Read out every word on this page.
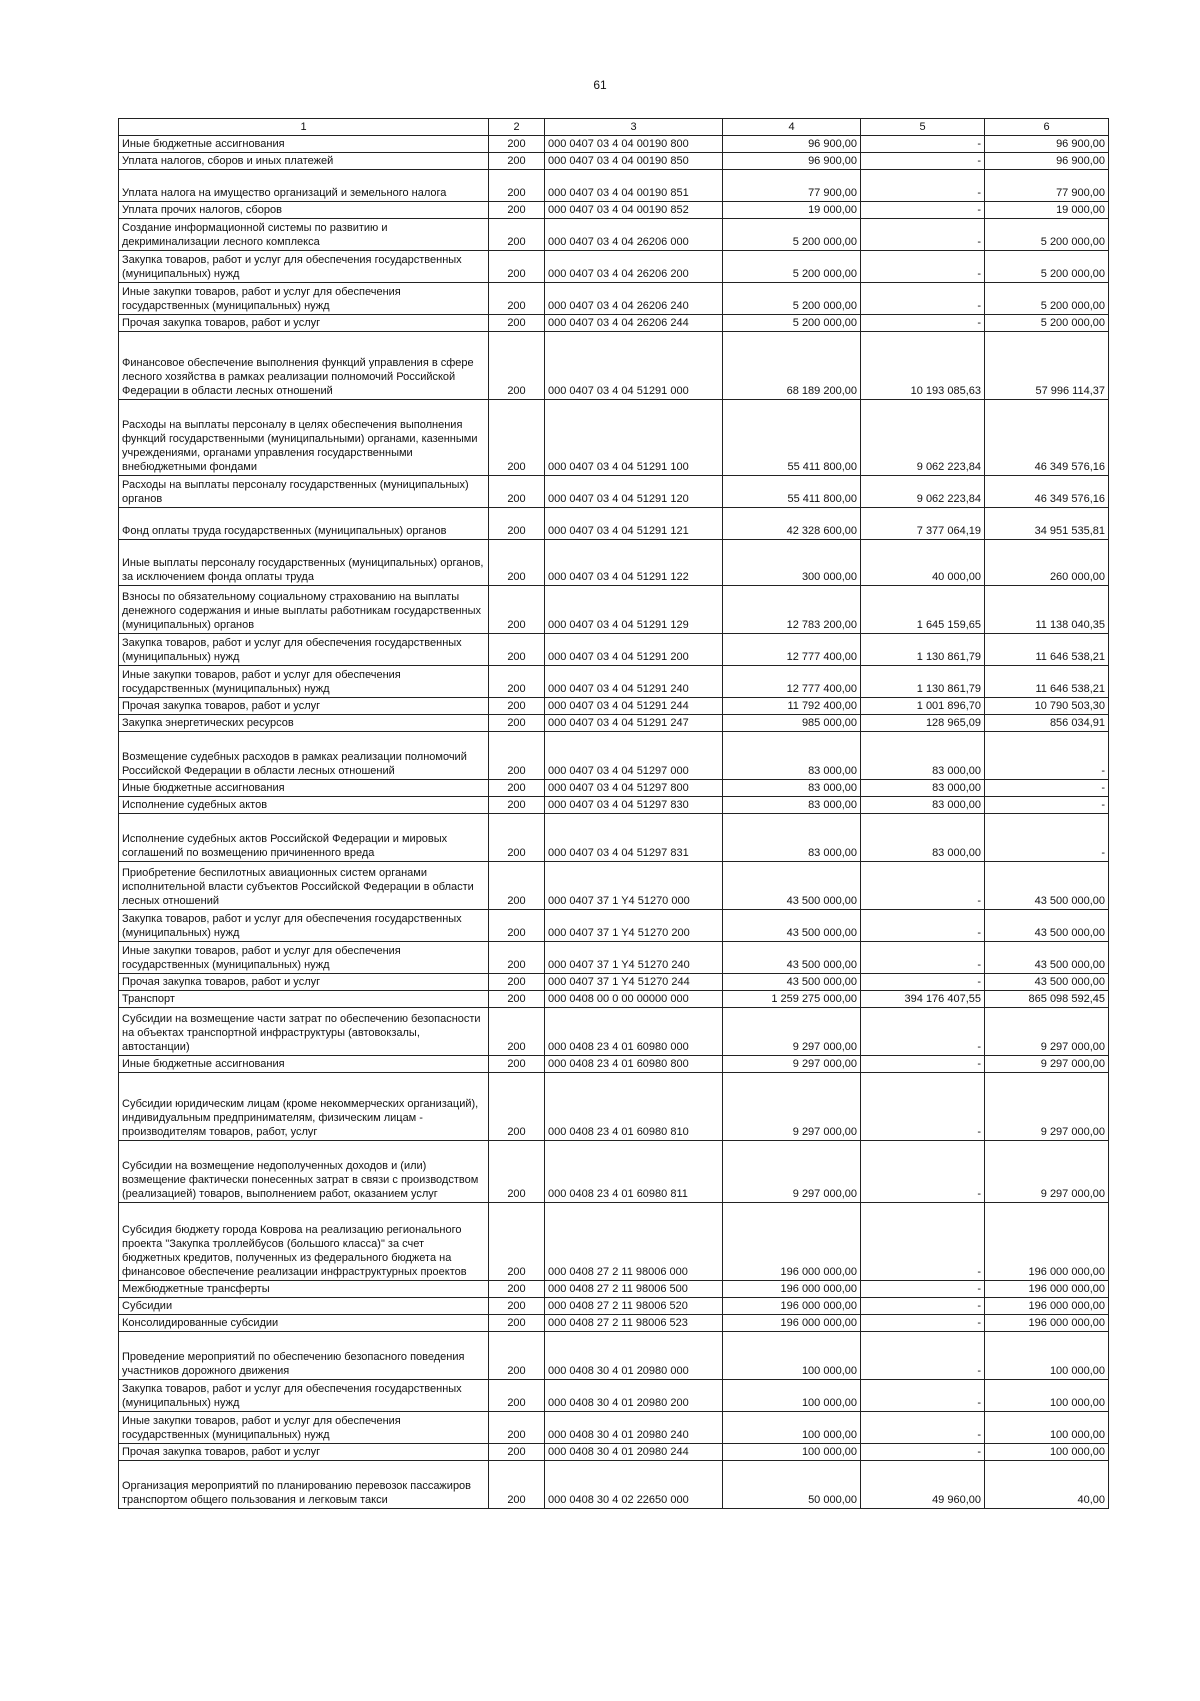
61
1	2	3	4	5	6
Иные бюджетные ассигнования	200	000 0407 03 4 04 00190 800	96 900,00	-	96 900,00
Уплата налогов, сборов и иных платежей	200	000 0407 03 4 04 00190 850	96 900,00	-	96 900,00
Уплата налога на имущество организаций и земельного налога	200	000 0407 03 4 04 00190 851	77 900,00	-	77 900,00
Уплата прочих налогов, сборов	200	000 0407 03 4 04 00190 852	19 000,00	-	19 000,00
Создание информационной системы по развитию и декриминализации лесного комплекса	200	000 0407 03 4 04 26206 000	5 200 000,00	-	5 200 000,00
Закупка товаров, работ и услуг для обеспечения государственных (муниципальных) нужд	200	000 0407 03 4 04 26206 200	5 200 000,00	-	5 200 000,00
Иные закупки товаров, работ и услуг для обеспечения государственных (муниципальных) нужд	200	000 0407 03 4 04 26206 240	5 200 000,00	-	5 200 000,00
Прочая закупка товаров, работ и услуг	200	000 0407 03 4 04 26206 244	5 200 000,00	-	5 200 000,00
Финансовое обеспечение выполнения функций управления в сфере лесного хозяйства в рамках реализации полномочий Российской Федерации в области лесных отношений	200	000 0407 03 4 04 51291 000	68 189 200,00	10 193 085,63	57 996 114,37
Расходы на выплаты персоналу в целях обеспечения выполнения функций государственными (муниципальными) органами, казенными учреждениями, органами управления государственными внебюджетными фондами	200	000 0407 03 4 04 51291 100	55 411 800,00	9 062 223,84	46 349 576,16
Расходы на выплаты персоналу государственных (муниципальных) органов	200	000 0407 03 4 04 51291 120	55 411 800,00	9 062 223,84	46 349 576,16
Фонд оплаты труда государственных (муниципальных) органов	200	000 0407 03 4 04 51291 121	42 328 600,00	7 377 064,19	34 951 535,81
Иные выплаты персоналу государственных (муниципальных) органов, за исключением фонда оплаты труда	200	000 0407 03 4 04 51291 122	300 000,00	40 000,00	260 000,00
Взносы по обязательному социальному страхованию на выплаты денежного содержания и иные выплаты работникам государственных (муниципальных) органов	200	000 0407 03 4 04 51291 129	12 783 200,00	1 645 159,65	11 138 040,35
Закупка товаров, работ и услуг для обеспечения государственных (муниципальных) нужд	200	000 0407 03 4 04 51291 200	12 777 400,00	1 130 861,79	11 646 538,21
Иные закупки товаров, работ и услуг для обеспечения государственных (муниципальных) нужд	200	000 0407 03 4 04 51291 240	12 777 400,00	1 130 861,79	11 646 538,21
Прочая закупка товаров, работ и услуг	200	000 0407 03 4 04 51291 244	11 792 400,00	1 001 896,70	10 790 503,30
Закупка энергетических ресурсов	200	000 0407 03 4 04 51291 247	985 000,00	128 965,09	856 034,91
Возмещение судебных расходов в рамках реализации полномочий Российской Федерации в области лесных отношений	200	000 0407 03 4 04 51297 000	83 000,00	83 000,00	-
Иные бюджетные ассигнования	200	000 0407 03 4 04 51297 800	83 000,00	83 000,00	-
Исполнение судебных актов	200	000 0407 03 4 04 51297 830	83 000,00	83 000,00	-
Исполнение судебных актов Российской Федерации и мировых соглашений по возмещению причиненного вреда	200	000 0407 03 4 04 51297 831	83 000,00	83 000,00	-
Приобретение беспилотных авиационных систем органами исполнительной власти субъектов Российской Федерации в области лесных отношений	200	000 0407 37 1 Y4 51270 000	43 500 000,00	-	43 500 000,00
Закупка товаров, работ и услуг для обеспечения государственных (муниципальных) нужд	200	000 0407 37 1 Y4 51270 200	43 500 000,00	-	43 500 000,00
Иные закупки товаров, работ и услуг для обеспечения государственных (муниципальных) нужд	200	000 0407 37 1 Y4 51270 240	43 500 000,00	-	43 500 000,00
Прочая закупка товаров, работ и услуг	200	000 0407 37 1 Y4 51270 244	43 500 000,00	-	43 500 000,00
Транспорт	200	000 0408 00 0 00 00000 000	1 259 275 000,00	394 176 407,55	865 098 592,45
Субсидии на возмещение части затрат по обеспечению безопасности на объектах транспортной инфраструктуры (автовокзалы, автостанции)	200	000 0408 23 4 01 60980 000	9 297 000,00	-	9 297 000,00
Иные бюджетные ассигнования	200	000 0408 23 4 01 60980 800	9 297 000,00	-	9 297 000,00
Субсидии юридическим лицам (кроме некоммерческих организаций), индивидуальным предпринимателям, физическим лицам - производителям товаров, работ, услуг	200	000 0408 23 4 01 60980 810	9 297 000,00	-	9 297 000,00
Субсидии на возмещение недополученных доходов и (или) возмещение фактически понесенных затрат в связи с производством (реализацией) товаров, выполнением работ, оказанием услуг	200	000 0408 23 4 01 60980 811	9 297 000,00	-	9 297 000,00
Субсидия бюджету города Коврова на реализацию регионального проекта "Закупка троллейбусов (большого класса)" за счет бюджетных кредитов, полученных из федерального бюджета на финансовое обеспечение реализации инфраструктурных проектов	200	000 0408 27 2 11 98006 000	196 000 000,00	-	196 000 000,00
Межбюджетные трансферты	200	000 0408 27 2 11 98006 500	196 000 000,00	-	196 000 000,00
Субсидии	200	000 0408 27 2 11 98006 520	196 000 000,00	-	196 000 000,00
Консолидированные субсидии	200	000 0408 27 2 11 98006 523	196 000 000,00	-	196 000 000,00
Проведение мероприятий по обеспечению безопасного поведения участников дорожного движения	200	000 0408 30 4 01 20980 000	100 000,00	-	100 000,00
Закупка товаров, работ и услуг для обеспечения государственных (муниципальных) нужд	200	000 0408 30 4 01 20980 200	100 000,00	-	100 000,00
Иные закупки товаров, работ и услуг для обеспечения государственных (муниципальных) нужд	200	000 0408 30 4 01 20980 240	100 000,00	-	100 000,00
Прочая закупка товаров, работ и услуг	200	000 0408 30 4 01 20980 244	100 000,00	-	100 000,00
Организация мероприятий по планированию перевозок пассажиров транспортом общего пользования и легковым такси	200	000 0408 30 4 02 22650 000	50 000,00	49 960,00	40,00
